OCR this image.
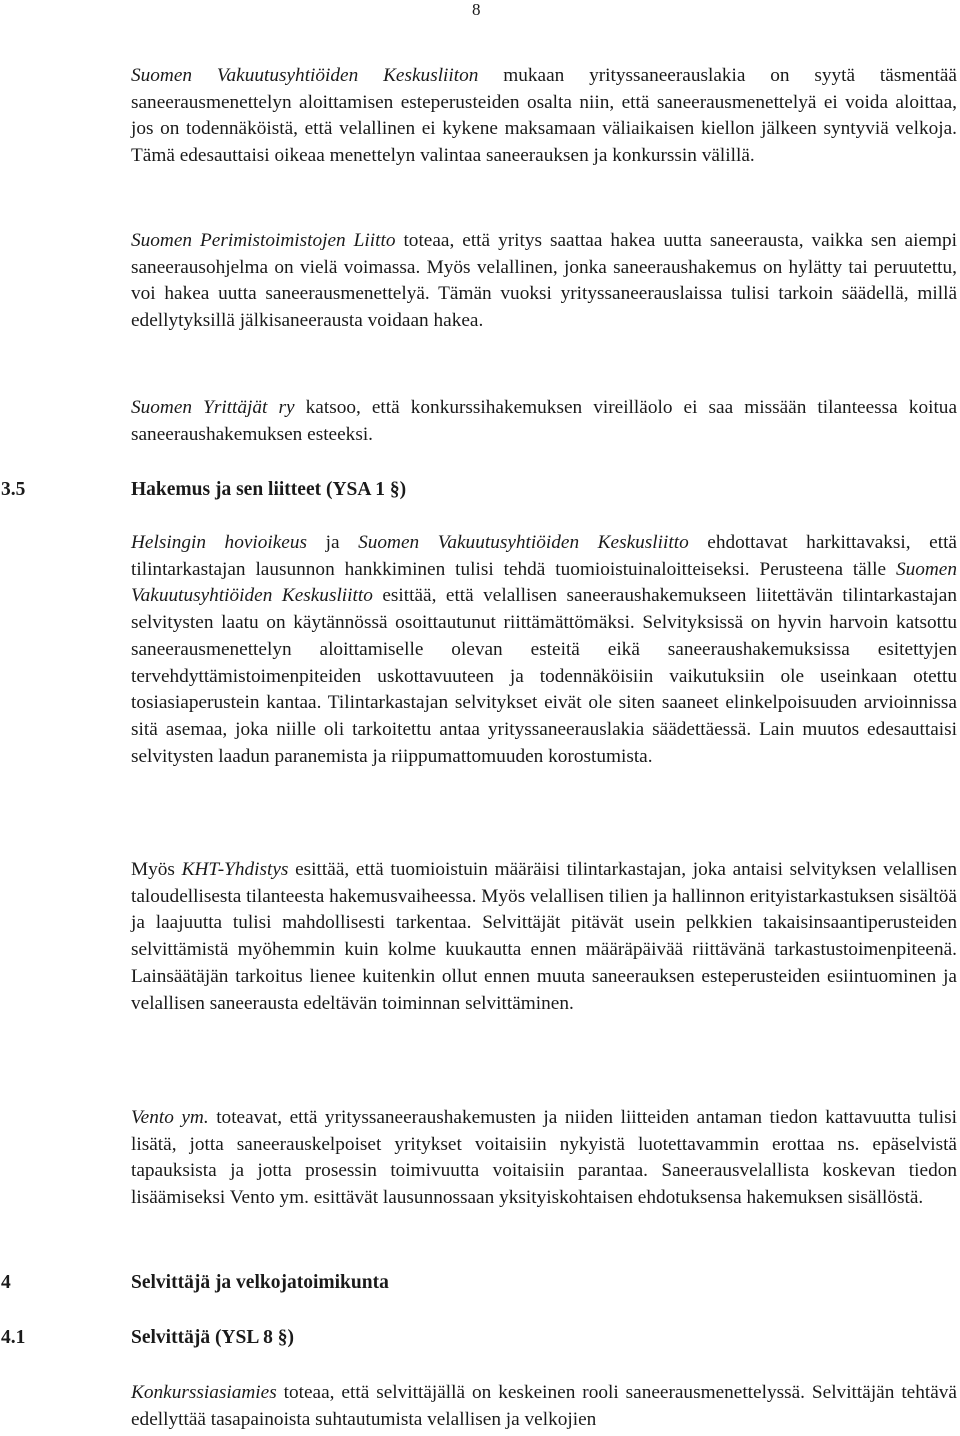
8

Suomen Vakuutusyhtiöiden Keskusliiton mukaan yrityssaneerauslakia on syytä täsmentää saneerausmenettelyn aloittamisen esteperusteiden osalta niin, että saneerausmenettelyä ei voida aloittaa, jos on todennäköistä, että velallinen ei kykene maksamaan väliaikaisen kiellon jälkeen syntyviä velkoja. Tämä edesauttaisi oikeaa menettelyn valintaa saneerauksen ja konkurssin välillä.

Suomen Perimistoimistojen Liitto toteaa, että yritys saattaa hakea uutta saneerausta, vaikka sen aiempi saneerausohjelma on vielä voimassa. Myös velallinen, jonka saneeraushakemus on hylätty tai peruutettu, voi hakea uutta saneerausmenettelyä. Tämän vuoksi yrityssaneerauslaissa tulisi tarkoin säädellä, millä edellytyksillä jälkisaneerausta voidaan hakea.

Suomen Yrittäjät ry katsoo, että konkurssihakemuksen vireilläolo ei saa missään tilanteessa koitua saneeraushakemuksen esteeksi.

3.5	Hakemus ja sen liitteet (YSA 1 §)

Helsingin hovioikeus ja Suomen Vakuutusyhtiöiden Keskusliitto ehdottavat harkittavaksi, että tilintarkastajan lausunnon hankkiminen tulisi tehdä tuomioistuinaloitteiseksi. Perusteena tälle Suomen Vakuutusyhtiöiden Keskusliitto esittää, että velallisen saneeraushakemukseen liitettävän tilintarkastajan selvitysten laatu on käytännössä osoittautunut riittämättömäksi. Selvityksissä on hyvin harvoin katsottu saneerausmenettelyn aloittamiselle olevan esteitä eikä saneeraushakemuksissa esitettyjen tervehdyttämistoimenpiteiden uskottavuuteen ja todennäköisiin vaikutuksiin ole useinkaan otettu tosiasiaperustein kantaa. Tilintarkastajan selvitykset eivät ole siten saaneet elinkelpoisuuden arvioinnissa sitä asemaa, joka niille oli tarkoitettu antaa yrityssaneerauslakia säädettäessä. Lain muutos edesauttaisi selvitysten laadun paranemista ja riippumattomuuden korostumista.

Myös KHT-Yhdistys esittää, että tuomioistuin määräisi tilintarkastajan, joka antaisi selvityksen velallisen taloudellisesta tilanteesta hakemusvaiheessa. Myös velallisen tilien ja hallinnon erityistarkastuksen sisältöä ja laajuutta tulisi mahdollisesti tarkentaa. Selvittäjät pitävät usein pelkkien takaisinsaantiperusteiden selvittämistä myöhemmin kuin kolme kuukautta ennen määräpäivää riittävänä tarkastustoimenpiteenä. Lainsäätäjän tarkoitus lienee kuitenkin ollut ennen muuta saneerauksen esteperusteiden esiintuominen ja velallisen saneerausta edeltävän toiminnan selvittäminen.

Vento ym. toteavat, että yrityssaneeraushakemusten ja niiden liitteiden antaman tiedon kattavuutta tulisi lisätä, jotta saneerauskelpoiset yritykset voitaisiin nykyistä luotettavammin erottaa ns. epäselvistä tapauksista ja jotta prosessin toimivuutta voitaisiin parantaa. Saneerausvelallista koskevan tiedon lisäämiseksi Vento ym. esittävät lausunnossaan yksityiskohtaisen ehdotuksensa hakemuksen sisällöstä.

4	Selvittäjä ja velkojatoimikunta
4.1	Selvittäjä (YSL 8 §)

Konkurssiasiamies toteaa, että selvittäjällä on keskeinen rooli saneerausmenettelyssä. Selvittäjän tehtävä edellyttää tasapainoista suhtautumista velallisen ja velkojien
